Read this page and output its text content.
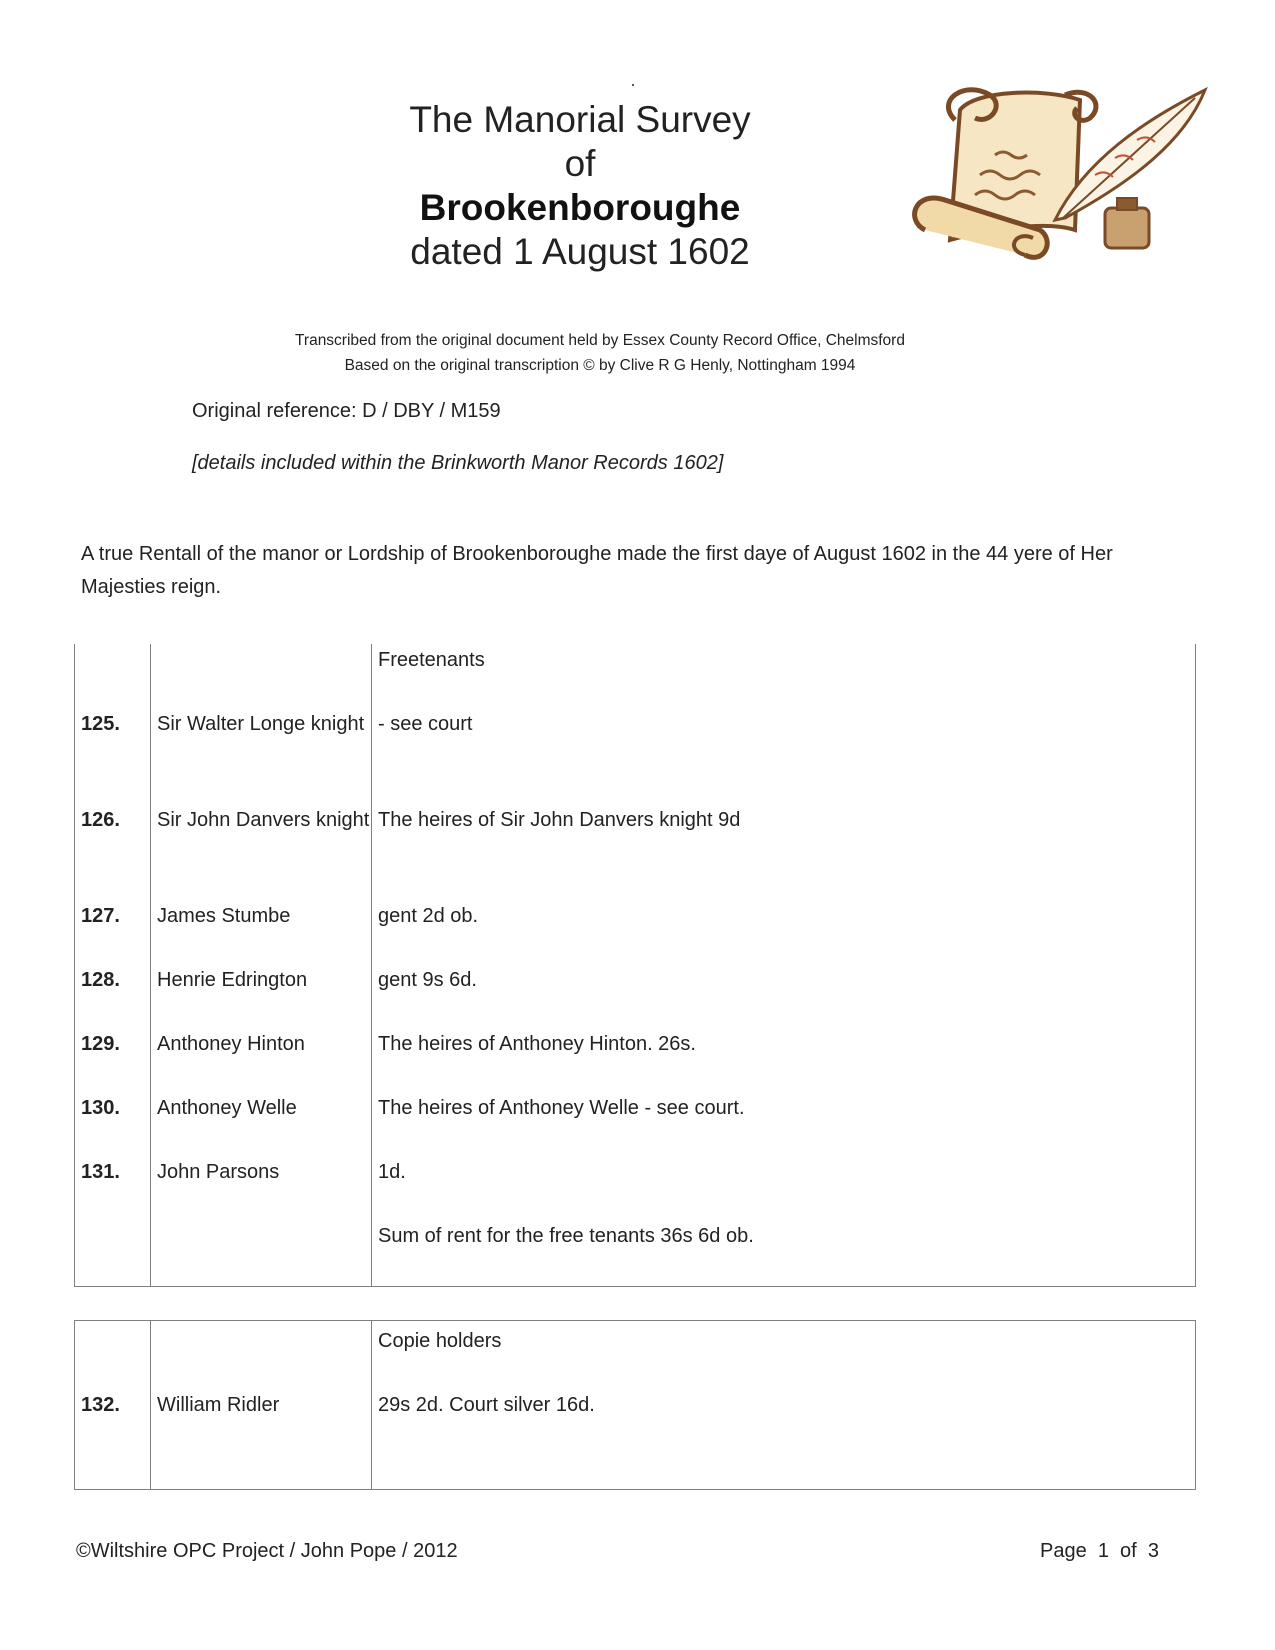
The Manorial Survey
of
Brookenboroughe
dated 1 August 1602
Transcribed from the original document held by Essex County Record Office, Chelmsford
Based on the original transcription © by Clive R G Henly, Nottingham 1994
Original reference: D / DBY / M159
[details included within the Brinkworth Manor Records 1602]
A true Rentall of the manor or Lordship of Brookenboroughe made the first daye of August 1602 in the 44 yere of Her Majesties reign.
		Freetenants
125.	Sir Walter Longe knight	- see court
126.	Sir John Danvers knight	The heires of Sir John Danvers knight 9d
127.	James Stumbe	gent 2d ob.
128.	Henrie Edrington	gent 9s 6d.
129.	Anthoney Hinton	The heires of Anthoney Hinton. 26s.
130.	Anthoney Welle	The heires of Anthoney Welle - see court.
131.	John Parsons	1d.
		Sum of rent for the free tenants 36s 6d ob.
		Copie holders
132.	William Ridler	29s 2d. Court silver 16d.
©Wiltshire OPC Project / John Pope / 2012	Page  1  of  3
